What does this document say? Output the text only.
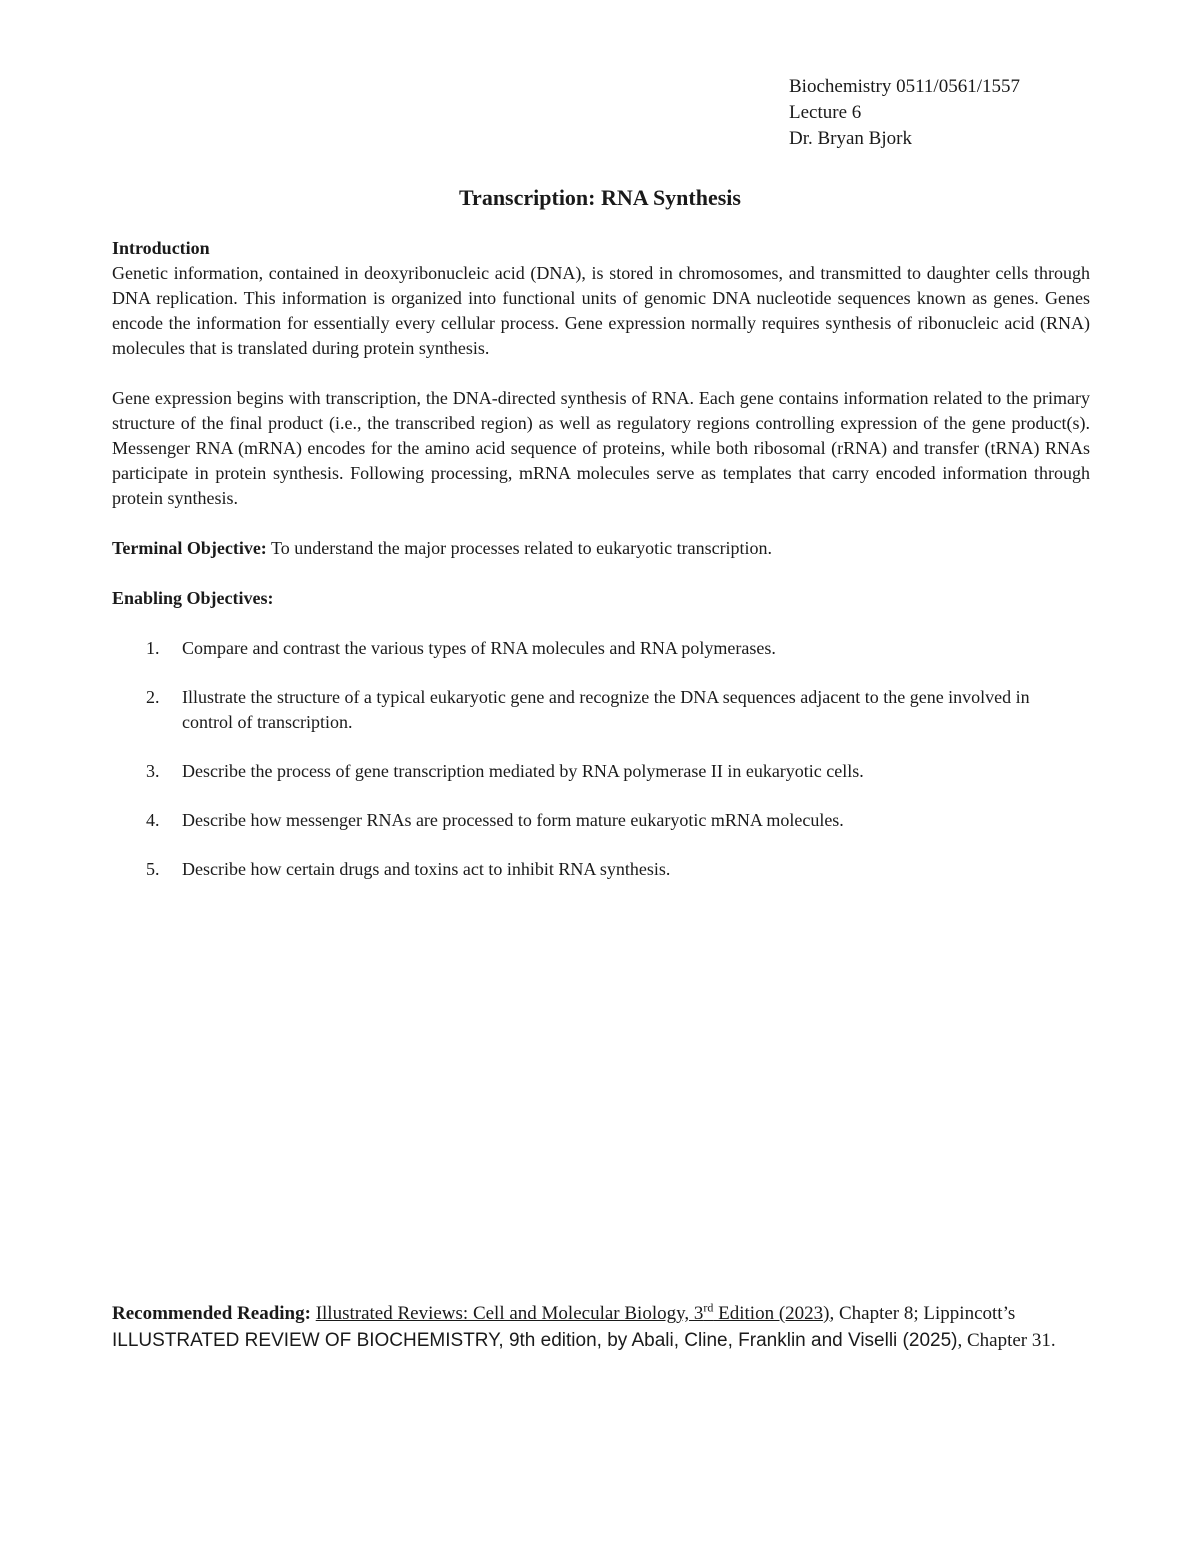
Biochemistry 0511/0561/1557
Lecture 6
Dr. Bryan Bjork
Transcription: RNA Synthesis

Introduction

Genetic information, contained in deoxyribonucleic acid (DNA), is stored in chromosomes, and transmitted to daughter cells through DNA replication. This information is organized into functional units of genomic DNA nucleotide sequences known as genes. Genes encode the information for essentially every cellular process. Gene expression normally requires synthesis of ribonucleic acid (RNA) molecules that is translated during protein synthesis.

Gene expression begins with transcription, the DNA-directed synthesis of RNA. Each gene contains information related to the primary structure of the final product (i.e., the transcribed region) as well as regulatory regions controlling expression of the gene product(s). Messenger RNA (mRNA) encodes for the amino acid sequence of proteins, while both ribosomal (rRNA) and transfer (tRNA) RNAs participate in protein synthesis. Following processing, mRNA molecules serve as templates that carry encoded information through protein synthesis.

Terminal Objective: To understand the major processes related to eukaryotic transcription.

Enabling Objectives:

1.	Compare and contrast the various types of RNA molecules and RNA polymerases.
2.	Illustrate the structure of a typical eukaryotic gene and recognize the DNA sequences adjacent to the gene involved in control of transcription.
3.	Describe the process of gene transcription mediated by RNA polymerase II in eukaryotic cells.
4.	Describe how messenger RNAs are processed to form mature eukaryotic mRNA molecules.
5.	Describe how certain drugs and toxins act to inhibit RNA synthesis.
Recommended Reading: Illustrated Reviews: Cell and Molecular Biology, 3rd Edition (2023), Chapter 8; Lippincott’s ILLUSTRATED REVIEW OF BIOCHEMISTRY, 9th edition, by Abali, Cline, Franklin and Viselli (2025), Chapter 31.
